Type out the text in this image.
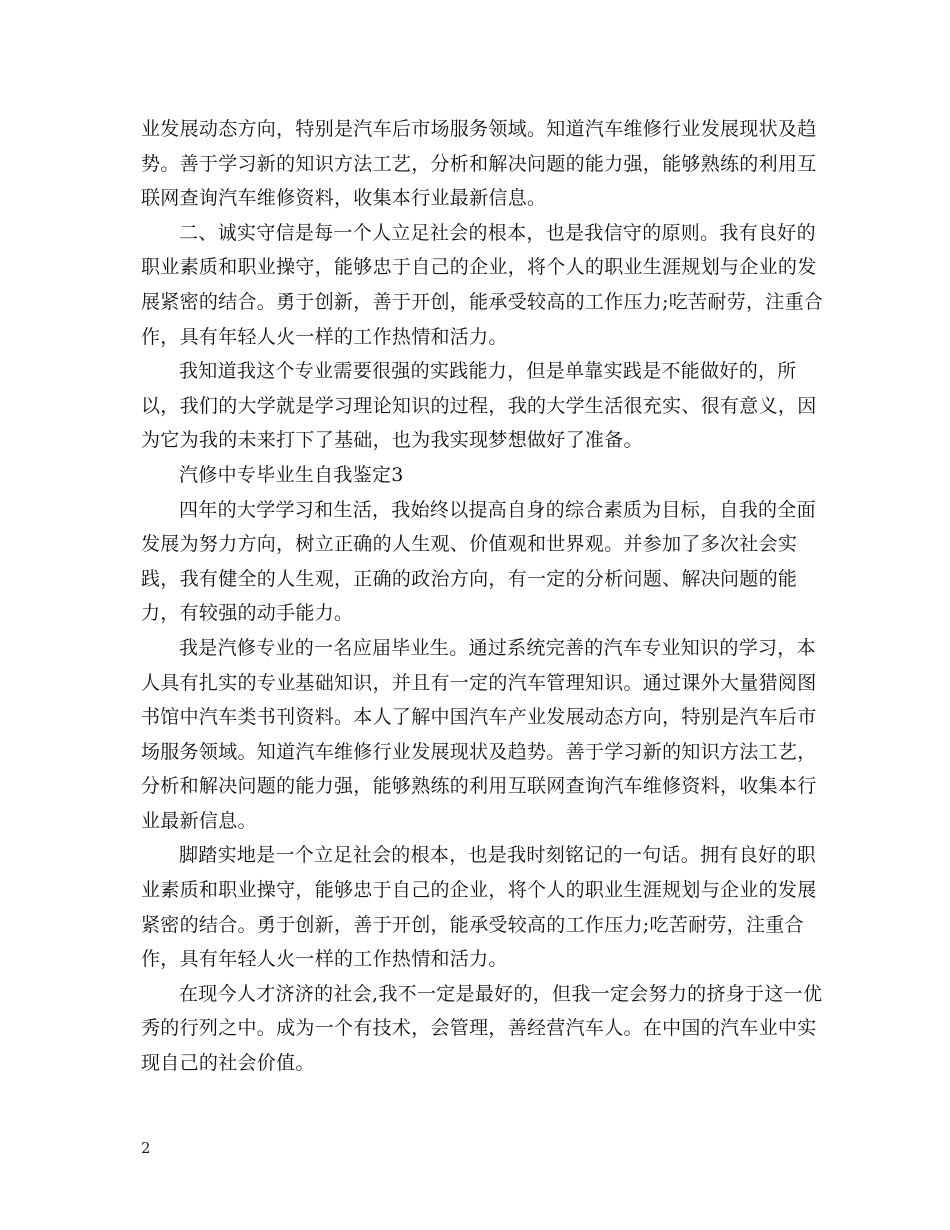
业发展动态方向，特别是汽车后市场服务领域。知道汽车维修行业发展现状及趋势。善于学习新的知识方法工艺，分析和解决问题的能力强，能够熟练的利用互联网查询汽车维修资料，收集本行业最新信息。

二、诚实守信是每一个人立足社会的根本，也是我信守的原则。我有良好的职业素质和职业操守，能够忠于自己的企业，将个人的职业生涯规划与企业的发展紧密的结合。勇于创新，善于开创，能承受较高的工作压力;吃苦耐劳，注重合作，具有年轻人火一样的工作热情和活力。

我知道我这个专业需要很强的实践能力，但是单靠实践是不能做好的，所以，我们的大学就是学习理论知识的过程，我的大学生活很充实、很有意义，因为它为我的未来打下了基础，也为我实现梦想做好了准备。

汽修中专毕业生自我鉴定3

四年的大学学习和生活，我始终以提高自身的综合素质为目标，自我的全面发展为努力方向，树立正确的人生观、价值观和世界观。并参加了多次社会实践，我有健全的人生观，正确的政治方向，有一定的分析问题、解决问题的能力，有较强的动手能力。

我是汽修专业的一名应届毕业生。通过系统完善的汽车专业知识的学习，本人具有扎实的专业基础知识，并且有一定的汽车管理知识。通过课外大量猎阅图书馆中汽车类书刊资料。本人了解中国汽车产业发展动态方向，特别是汽车后市场服务领域。知道汽车维修行业发展现状及趋势。善于学习新的知识方法工艺，分析和解决问题的能力强，能够熟练的利用互联网查询汽车维修资料，收集本行业最新信息。

脚踏实地是一个立足社会的根本，也是我时刻铭记的一句话。拥有良好的职业素质和职业操守，能够忠于自己的企业，将个人的职业生涯规划与企业的发展紧密的结合。勇于创新，善于开创，能承受较高的工作压力;吃苦耐劳，注重合作，具有年轻人火一样的工作热情和活力。

在现今人才济济的社会,我不一定是最好的，但我一定会努力的挤身于这一优秀的行列之中。成为一个有技术，会管理，善经营汽车人。在中国的汽车业中实现自己的社会价值。

2
